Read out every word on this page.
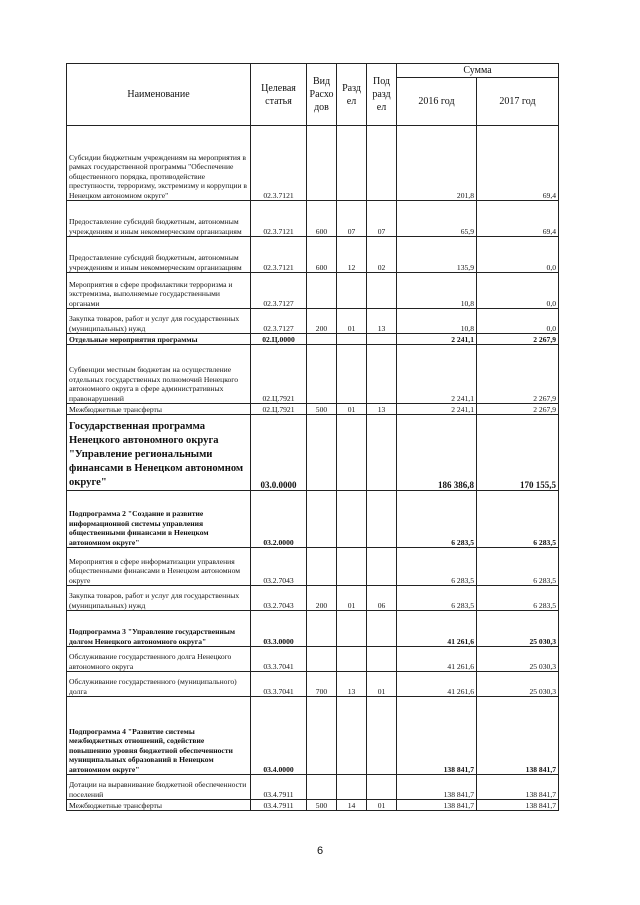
Наименование	Целевая статья	Вид Расхо дов	Разд ел	Под разд ел	Сумма	
					2016 год	2017 год
Субсидии бюджетным учреждениям на мероприятия в рамках государственной программы "Обеспечение общественного порядка, противодействие преступности, терроризму, экстремизму и коррупции в Ненецком автономном округе"	02.3.7121				201,8	69,4
Предоставление субсидий бюджетным, автономным учреждениям и иным некоммерческим организациям	02.3.7121	600	07	07	65,9	69,4
Предоставление субсидий бюджетным, автономным учреждениям и иным некоммерческим организациям	02.3.7121	600	12	02	135,9	0,0
Мероприятия в сфере профилактики терроризма и экстремизма, выполняемые государственными органами	02.3.7127				10,8	0,0
Закупка товаров, работ и услуг для государственных (муниципальных) нужд	02.3.7127	200	01	13	10,8	0,0
Отдельные мероприятия программы	02.Ц.0000				2 241,1	2 267,9
Субвенции местным бюджетам на осуществление отдельных государственных полномочий Ненецкого автономного округа в сфере административных правонарушений	02.Ц.7921				2 241,1	2 267,9
Межбюджетные трансферты	02.Ц.7921	500	01	13	2 241,1	2 267,9
Государственная программа Ненецкого автономного округа "Управление региональными финансами в Ненецком автономном округе"	03.0.0000				186 386,8	170 155,5
Подпрограмма 2 "Создание и развитие информационной системы управления общественными финансами в Ненецком автономном округе"	03.2.0000				6 283,5	6 283,5
Мероприятия в сфере информатизации управления общественными финансами в Ненецком автономном округе	03.2.7043				6 283,5	6 283,5
Закупка товаров, работ и услуг для государственных (муниципальных) нужд	03.2.7043	200	01	06	6 283,5	6 283,5
Подпрограмма 3 "Управление государственным долгом Ненецкого автономного округа"	03.3.0000				41 261,6	25 030,3
Обслуживание государственного долга Ненецкого автономного округа	03.3.7041				41 261,6	25 030,3
Обслуживание государственного (муниципального) долга	03.3.7041	700	13	01	41 261,6	25 030,3
Подпрограмма 4 "Развитие системы межбюджетных отношений, содействие повышению уровня бюджетной обеспеченности муниципальных образований в Ненецком автономном округе"	03.4.0000				138 841,7	138 841,7
Дотации на выравнивание бюджетной обеспеченности поселений	03.4.7911				138 841,7	138 841,7
Межбюджетные трансферты	03.4.7911	500	14	01	138 841,7	138 841,7
6
